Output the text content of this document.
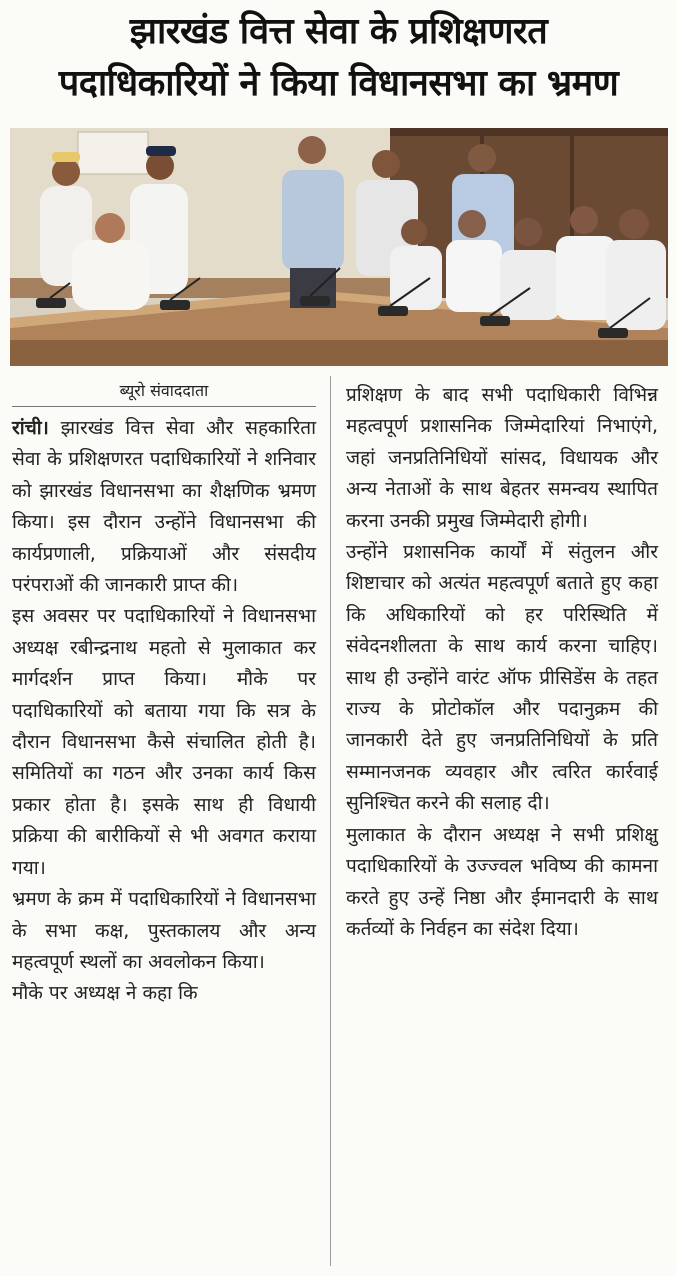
झारखंड वित्त सेवा के प्रशिक्षणरत
पदाधिकारियों ने किया विधानसभा का भ्रमण
ब्यूरो संवाददाता

रांची। झारखंड वित्त सेवा और सहकारिता सेवा के प्रशिक्षणरत पदाधिकारियों ने शनिवार को झारखंड विधानसभा का शैक्षणिक भ्रमण किया। इस दौरान उन्होंने विधानसभा की कार्यप्रणाली, प्रक्रियाओं और संसदीय परंपराओं की जानकारी प्राप्त की।

इस अवसर पर पदाधिकारियों ने विधानसभा अध्यक्ष रबीन्द्रनाथ महतो से मुलाकात कर मार्गदर्शन प्राप्त किया। मौके पर पदाधिकारियों को बताया गया कि सत्र के दौरान विधानसभा कैसे संचालित होती है। समितियों का गठन और उनका कार्य किस प्रकार होता है। इसके साथ ही विधायी प्रक्रिया की बारीकियों से भी अवगत कराया गया।

भ्रमण के क्रम में पदाधिकारियों ने विधानसभा के सभा कक्ष, पुस्तकालय और अन्य महत्वपूर्ण स्थलों का अवलोकन किया।

मौके पर अध्यक्ष ने कहा कि

प्रशिक्षण के बाद सभी पदाधिकारी विभिन्न महत्वपूर्ण प्रशासनिक जिम्मेदारियां निभाएंगे, जहां जनप्रतिनिधियों सांसद, विधायक और अन्य नेताओं के साथ बेहतर समन्वय स्थापित करना उनकी प्रमुख जिम्मेदारी होगी।

उन्होंने प्रशासनिक कार्यों में संतुलन और शिष्टाचार को अत्यंत महत्वपूर्ण बताते हुए कहा कि अधिकारियों को हर परिस्थिति में संवेदनशीलता के साथ कार्य करना चाहिए। साथ ही उन्होंने वारंट ऑफ प्रीसिडेंस के तहत राज्य के प्रोटोकॉल और पदानुक्रम की जानकारी देते हुए जनप्रतिनिधियों के प्रति सम्मानजनक व्यवहार और त्वरित कार्रवाई सुनिश्चित करने की सलाह दी।

मुलाकात के दौरान अध्यक्ष ने सभी प्रशिक्षु पदाधिकारियों के उज्ज्वल भविष्य की कामना करते हुए उन्हें निष्ठा और ईमानदारी के साथ कर्तव्यों के निर्वहन का संदेश दिया।
